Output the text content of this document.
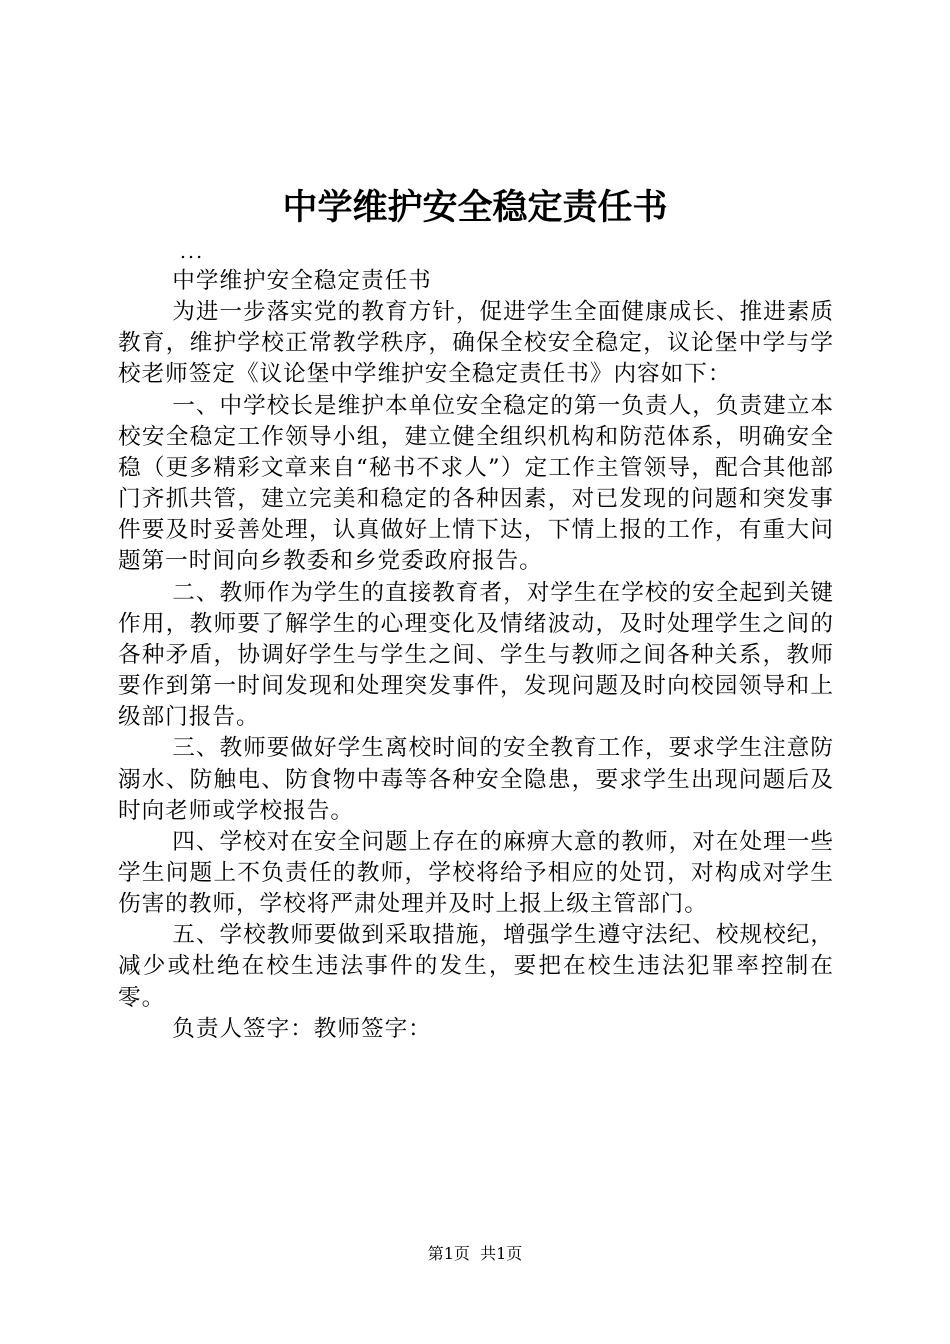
中学维护安全稳定责任书
...

中学维护安全稳定责任书

为进一步落实党的教育方针，促进学生全面健康成长、推进素质教育，维护学校正常教学秩序，确保全校安全稳定，议论堡中学与学校老师签定《议论堡中学维护安全稳定责任书》内容如下：

一、中学校长是维护本单位安全稳定的第一负责人，负责建立本校安全稳定工作领导小组，建立健全组织机构和防范体系，明确安全稳（更多精彩文章来自“秘书不求人”）定工作主管领导，配合其他部门齐抓共管，建立完美和稳定的各种因素，对已发现的问题和突发事件要及时妥善处理，认真做好上情下达，下情上报的工作，有重大问题第一时间向乡教委和乡党委政府报告。

二、教师作为学生的直接教育者，对学生在学校的安全起到关键作用，教师要了解学生的心理变化及情绪波动，及时处理学生之间的各种矛盾，协调好学生与学生之间、学生与教师之间各种关系，教师要作到第一时间发现和处理突发事件，发现问题及时向校园领导和上级部门报告。

三、教师要做好学生离校时间的安全教育工作，要求学生注意防溺水、防触电、防食物中毒等各种安全隐患，要求学生出现问题后及时向老师或学校报告。

四、学校对在安全问题上存在的麻痹大意的教师，对在处理一些学生问题上不负责任的教师，学校将给予相应的处罚，对构成对学生伤害的教师，学校将严肃处理并及时上报上级主管部门。

五、学校教师要做到采取措施，增强学生遵守法纪、校规校纪，减少或杜绝在校生违法事件的发生，要把在校生违法犯罪率控制在零。

负责人签字：教师签字：

第1页  共1页
